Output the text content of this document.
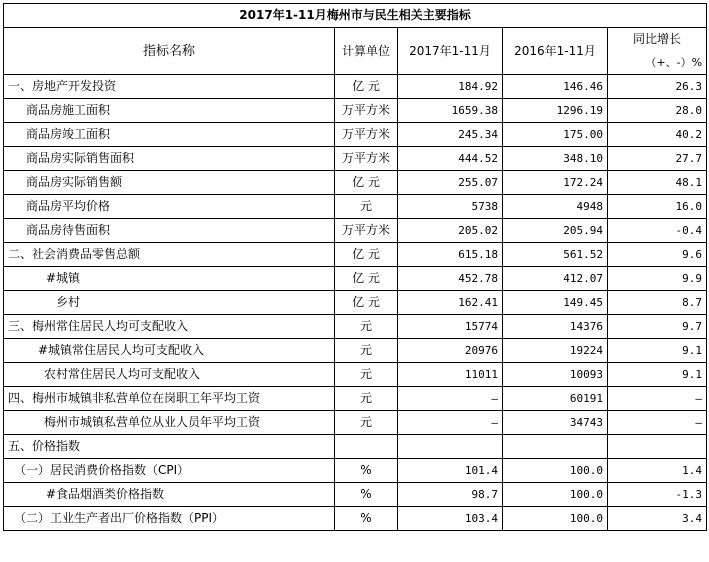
2017年1-11月梅州市与民生相关主要指标				
指标名称	计算单位	2017年1-11月	2016年1-11月	同比增长
（+、-）%

一、房地产开发投资	亿 元	184.92	146.46	26.3
商品房施工面积	万平方米	1659.38	1296.19	28.0
商品房竣工面积	万平方米	245.34	175.00	40.2
商品房实际销售面积	万平方米	444.52	348.10	27.7
商品房实际销售额	亿 元	255.07	172.24	48.1
商品房平均价格	元	5738	4948	16.0
商品房待售面积	万平方米	205.02	205.94	-0.4
二、社会消费品零售总额	亿 元	615.18	561.52	9.6
#城镇	亿 元	452.78	412.07	9.9
乡村	亿 元	162.41	149.45	8.7
三、梅州常住居民人均可支配收入	元	15774	14376	9.7
#城镇常住居民人均可支配收入	元	20976	19224	9.1
农村常住居民人均可支配收入	元	11011	10093	9.1
四、梅州市城镇非私营单位在岗职工年平均工资	元	—	60191	—
梅州市城镇私营单位从业人员年平均工资	元	—	34743	—
五、价格指数				
（一）居民消费价格指数（CPI）	%	101.4	100.0	1.4
#食品烟酒类价格指数	%	98.7	100.0	-1.3
（二）工业生产者出厂价格指数（PPI）	%	103.4	100.0	3.4
